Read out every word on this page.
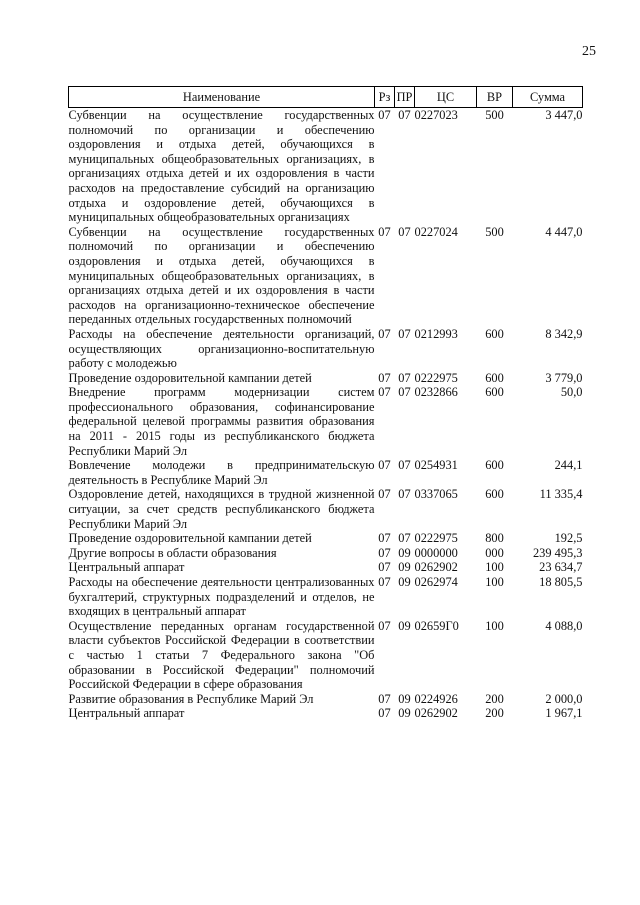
25
Наименование	Рз	ПР	ЦС	ВР	Сумма
Субвенции на осуществление государственных полномочий по организации и обеспечению оздоровления и отдыха детей, обучающихся в муниципальных общеобразовательных организациях, в организациях отдыха детей и их оздоровления в части расходов на предоставление субсидий на организацию отдыха и оздоровление детей, обучающихся в муниципальных общеобразовательных организациях	07	07	0227023	500	3 447,0
Субвенции на осуществление государственных полномочий по организации и обеспечению оздоровления и отдыха детей, обучающихся в муниципальных общеобразовательных организациях, в организациях отдыха детей и их оздоровления в части расходов на организационно-техническое обеспечение переданных отдельных государственных полномочий	07	07	0227024	500	4 447,0
Расходы на обеспечение деятельности организаций, осуществляющих организационно-воспитательную работу с молодежью	07	07	0212993	600	8 342,9
Проведение оздоровительной кампании детей	07	07	0222975	600	3 779,0
Внедрение программ модернизации систем профессионального образования, софинансирование федеральной целевой программы развития образования на 2011 - 2015 годы из республиканского бюджета Республики Марий Эл	07	07	0232866	600	50,0
Вовлечение молодежи в предпринимательскую деятельность в Республике Марий Эл	07	07	0254931	600	244,1
Оздоровление детей, находящихся в трудной жизненной ситуации, за счет средств республиканского бюджета Республики Марий Эл	07	07	0337065	600	11 335,4
Проведение оздоровительной кампании детей	07	07	0222975	800	192,5
Другие вопросы в области образования	07	09	0000000	000	239 495,3
Центральный аппарат	07	09	0262902	100	23 634,7
Расходы на обеспечение деятельности централизованных бухгалтерий, структурных подразделений и отделов, не входящих в центральный аппарат	07	09	0262974	100	18 805,5
Осуществление переданных органам государственной власти субъектов Российской Федерации в соответствии с частью 1 статьи 7 Федерального закона "Об образовании в Российской Федерации" полномочий Российской Федерации в сфере образования	07	09	02659Г0	100	4 088,0
Развитие образования в Республике Марий Эл	07	09	0224926	200	2 000,0
Центральный аппарат	07	09	0262902	200	1 967,1
